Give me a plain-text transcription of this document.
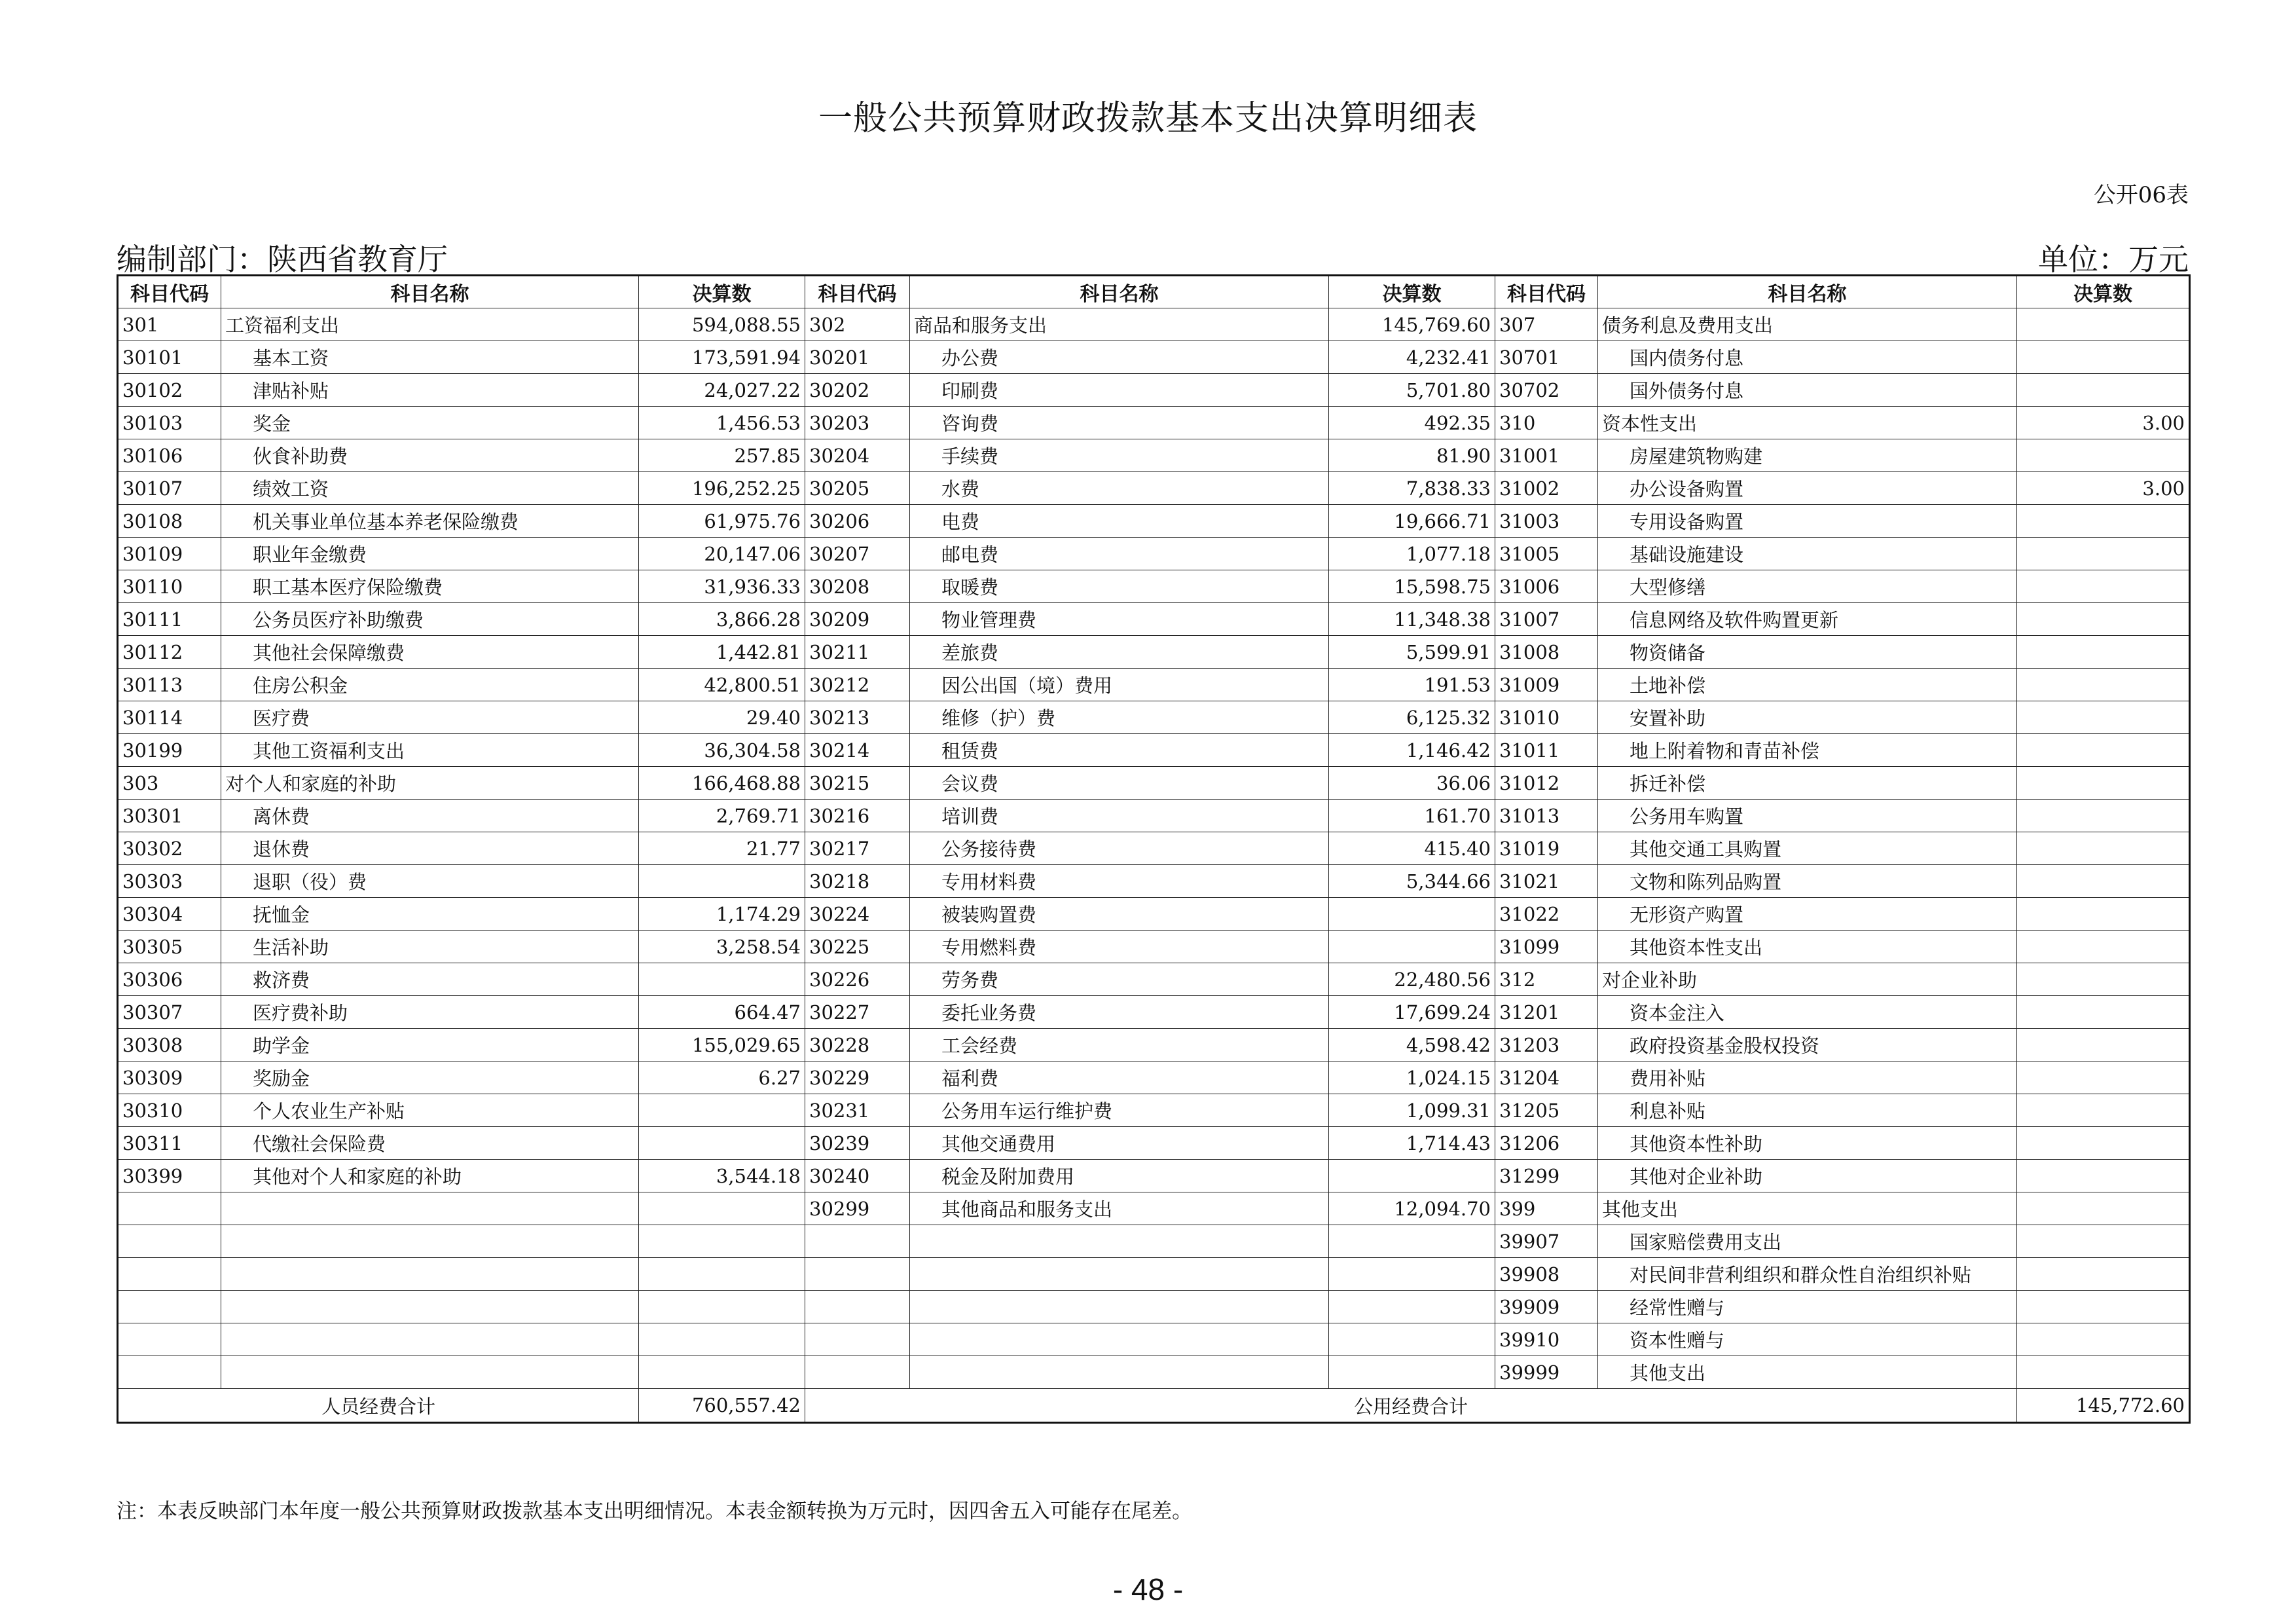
一般公共预算财政拨款基本支出决算明细表
公开06表
编制部门：陕西省教育厅	单位：万元
科目代码	科目名称	决算数	科目代码	科目名称	决算数	科目代码	科目名称	决算数
301	工资福利支出	594,088.55	302	商品和服务支出	145,769.60	307	债务利息及费用支出	
30101	基本工资	173,591.94	30201	办公费	4,232.41	30701	国内债务付息	
30102	津贴补贴	24,027.22	30202	印刷费	5,701.80	30702	国外债务付息	
30103	奖金	1,456.53	30203	咨询费	492.35	310	资本性支出	3.00
30106	伙食补助费	257.85	30204	手续费	81.90	31001	房屋建筑物购建	
30107	绩效工资	196,252.25	30205	水费	7,838.33	31002	办公设备购置	3.00
30108	机关事业单位基本养老保险缴费	61,975.76	30206	电费	19,666.71	31003	专用设备购置	
30109	职业年金缴费	20,147.06	30207	邮电费	1,077.18	31005	基础设施建设	
30110	职工基本医疗保险缴费	31,936.33	30208	取暖费	15,598.75	31006	大型修缮	
30111	公务员医疗补助缴费	3,866.28	30209	物业管理费	11,348.38	31007	信息网络及软件购置更新	
30112	其他社会保障缴费	1,442.81	30211	差旅费	5,599.91	31008	物资储备	
30113	住房公积金	42,800.51	30212	因公出国（境）费用	191.53	31009	土地补偿	
30114	医疗费	29.40	30213	维修（护）费	6,125.32	31010	安置补助	
30199	其他工资福利支出	36,304.58	30214	租赁费	1,146.42	31011	地上附着物和青苗补偿	
303	对个人和家庭的补助	166,468.88	30215	会议费	36.06	31012	拆迁补偿	
30301	离休费	2,769.71	30216	培训费	161.70	31013	公务用车购置	
30302	退休费	21.77	30217	公务接待费	415.40	31019	其他交通工具购置	
30303	退职（役）费		30218	专用材料费	5,344.66	31021	文物和陈列品购置	
30304	抚恤金	1,174.29	30224	被装购置费		31022	无形资产购置	
30305	生活补助	3,258.54	30225	专用燃料费		31099	其他资本性支出	
30306	救济费		30226	劳务费	22,480.56	312	对企业补助	
30307	医疗费补助	664.47	30227	委托业务费	17,699.24	31201	资本金注入	
30308	助学金	155,029.65	30228	工会经费	4,598.42	31203	政府投资基金股权投资	
30309	奖励金	6.27	30229	福利费	1,024.15	31204	费用补贴	
30310	个人农业生产补贴		30231	公务用车运行维护费	1,099.31	31205	利息补贴	
30311	代缴社会保险费		30239	其他交通费用	1,714.43	31206	其他资本性补助	
30399	其他对个人和家庭的补助	3,544.18	30240	税金及附加费用		31299	其他对企业补助	
			30299	其他商品和服务支出	12,094.70	399	其他支出	
						39907	国家赔偿费用支出	
						39908	对民间非营利组织和群众性自治组织补贴	
						39909	经常性赠与	
						39910	资本性赠与	
						39999	其他支出	
人员经费合计		760,557.42	公用经费合计					145,772.60
注：本表反映部门本年度一般公共预算财政拨款基本支出明细情况。本表金额转换为万元时，因四舍五入可能存在尾差。
- 48 -
